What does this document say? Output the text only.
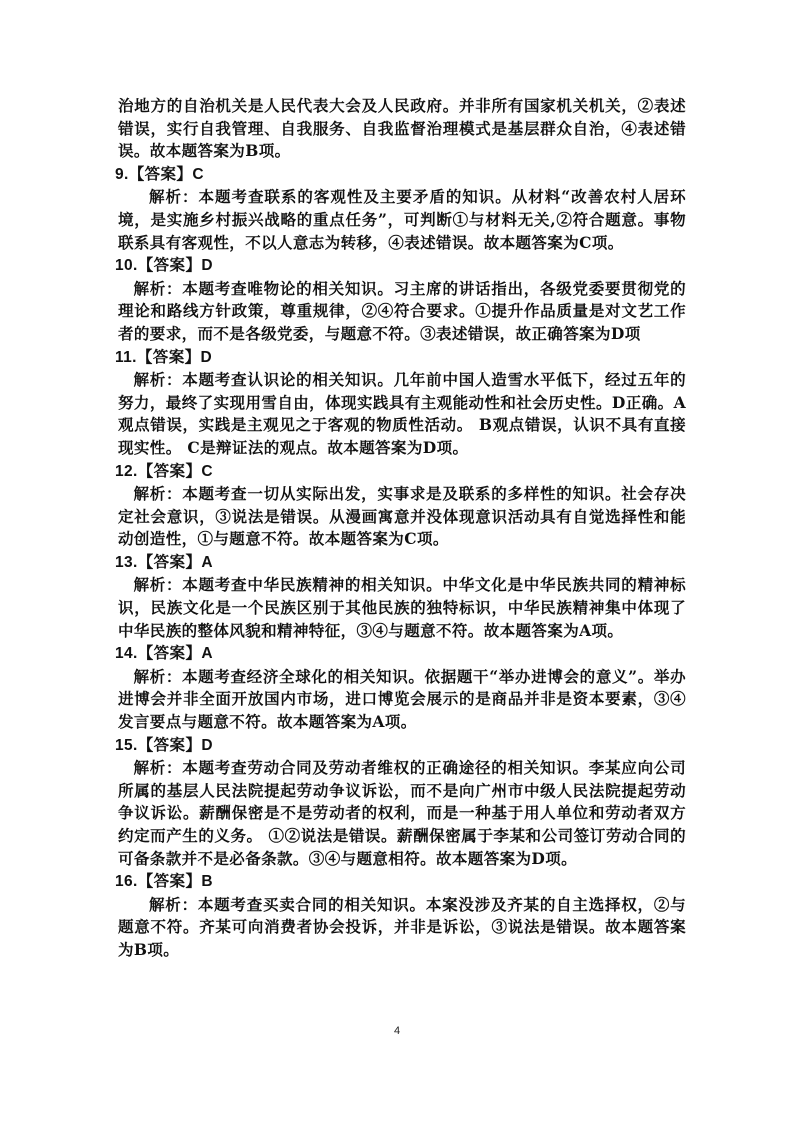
治地方的自治机关是人民代表大会及人民政府。并非所有国家机关机关，②表述错误，实行自我管理、自我服务、自我监督治理模式是基层群众自治，④表述错误。故本题答案为B项。

9.【答案】C

解析：本题考查联系的客观性及主要矛盾的知识。从材料“改善农村人居环境，是实施乡村振兴战略的重点任务”，可判断①与材料无关,②符合题意。事物联系具有客观性，不以人意志为转移，④表述错误。故本题答案为C项。

10.【答案】D

解析：本题考查唯物论的相关知识。习主席的讲话指出，各级党委要贯彻党的理论和路线方针政策，尊重规律，②④符合要求。①提升作品质量是对文艺工作者的要求，而不是各级党委，与题意不符。③表述错误，故正确答案为D项

11.【答案】D

解析：本题考查认识论的相关知识。几年前中国人造雪水平低下，经过五年的努力，最终了实现用雪自由，体现实践具有主观能动性和社会历史性。D正确。A观点错误，实践是主观见之于客观的物质性活动。 B观点错误，认识不具有直接现实性。 C是辩证法的观点。故本题答案为D项。

12.【答案】C

解析：本题考查一切从实际出发，实事求是及联系的多样性的知识。社会存决定社会意识，③说法是错误。从漫画寓意并没体现意识活动具有自觉选择性和能动创造性，①与题意不符。故本题答案为C项。

13.【答案】A

解析：本题考查中华民族精神的相关知识。中华文化是中华民族共同的精神标识，民族文化是一个民族区别于其他民族的独特标识，中华民族精神集中体现了中华民族的整体风貌和精神特征，③④与题意不符。故本题答案为A项。

14.【答案】A

解析：本题考查经济全球化的相关知识。依据题干“举办进博会的意义”。举办进博会并非全面开放国内市场，进口博览会展示的是商品并非是资本要素，③④发言要点与题意不符。故本题答案为A项。

15.【答案】D

解析：本题考查劳动合同及劳动者维权的正确途径的相关知识。李某应向公司所属的基层人民法院提起劳动争议诉讼，而不是向广州市中级人民法院提起劳动争议诉讼。薪酬保密是不是劳动者的权利，而是一种基于用人单位和劳动者双方约定而产生的义务。 ①②说法是错误。薪酬保密属于李某和公司签订劳动合同的可备条款并不是必备条款。③④与题意相符。故本题答案为D项。

16.【答案】B

解析：本题考查买卖合同的相关知识。本案没涉及齐某的自主选择权，②与题意不符。齐某可向消费者协会投诉，并非是诉讼，③说法是错误。故本题答案为B项。

4
